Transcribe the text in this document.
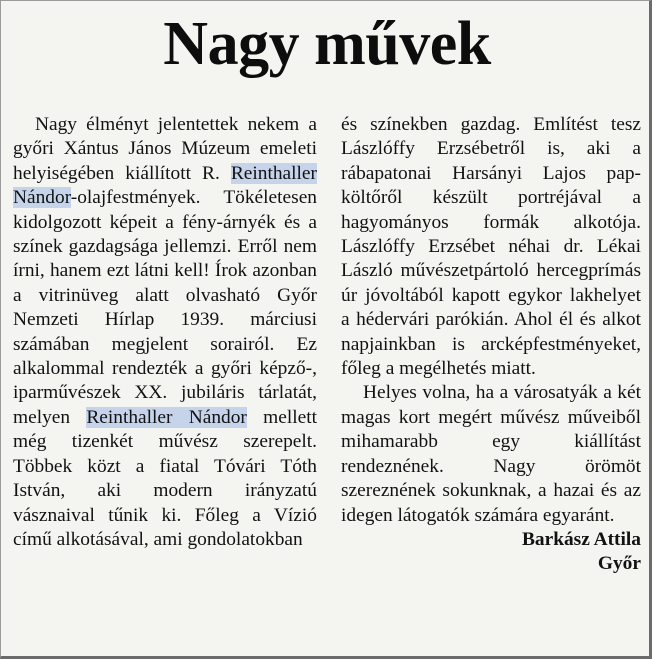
Nagy művek

Nagy élményt jelentettek nekem a győri Xántus János Múzeum emeleti helyiségében kiállított R. Reinthaller Nándor-olajfestmények. Tökéletesen kidolgozott képeit a fény-árnyék és a színek gazdagsága jellemzi. Erről nem írni, hanem ezt látni kell! Írok azonban a vitrinüveg alatt olvasható Győr Nemzeti Hírlap 1939. márciusi számában megjelent sorairól. Ez alkalommal rendezték a győri képző-, iparművészek XX. jubiláris tárlatát, melyen Reinthaller Nándor mellett még tizenkét művész szerepelt. Többek közt a fiatal Tóvári Tóth István, aki modern irányzatú vásznaival tűnik ki. Főleg a Vízió című alkotásával, ami gondolatokban

és színekben gazdag. Említést tesz Lászlóffy Erzsébetről is, aki a rábapatonai Harsányi Lajos pap-költőről készült portréjával a hagyományos formák alkotója. Lászlóffy Erzsébet néhai dr. Lékai László művészetpártoló hercegprímás úr jóvoltából kapott egykor lakhelyet a hédervári parókián. Ahol él és alkot napjainkban is arcképfestményeket, főleg a megélhetés miatt.

Helyes volna, ha a városatyák a két magas kort megért művész műveiből mihamarabb egy kiállítást rendeznének. Nagy örömöt szereznének sokunknak, a hazai és az idegen látogatók számára egyaránt.

Barkász Attila
Győr
